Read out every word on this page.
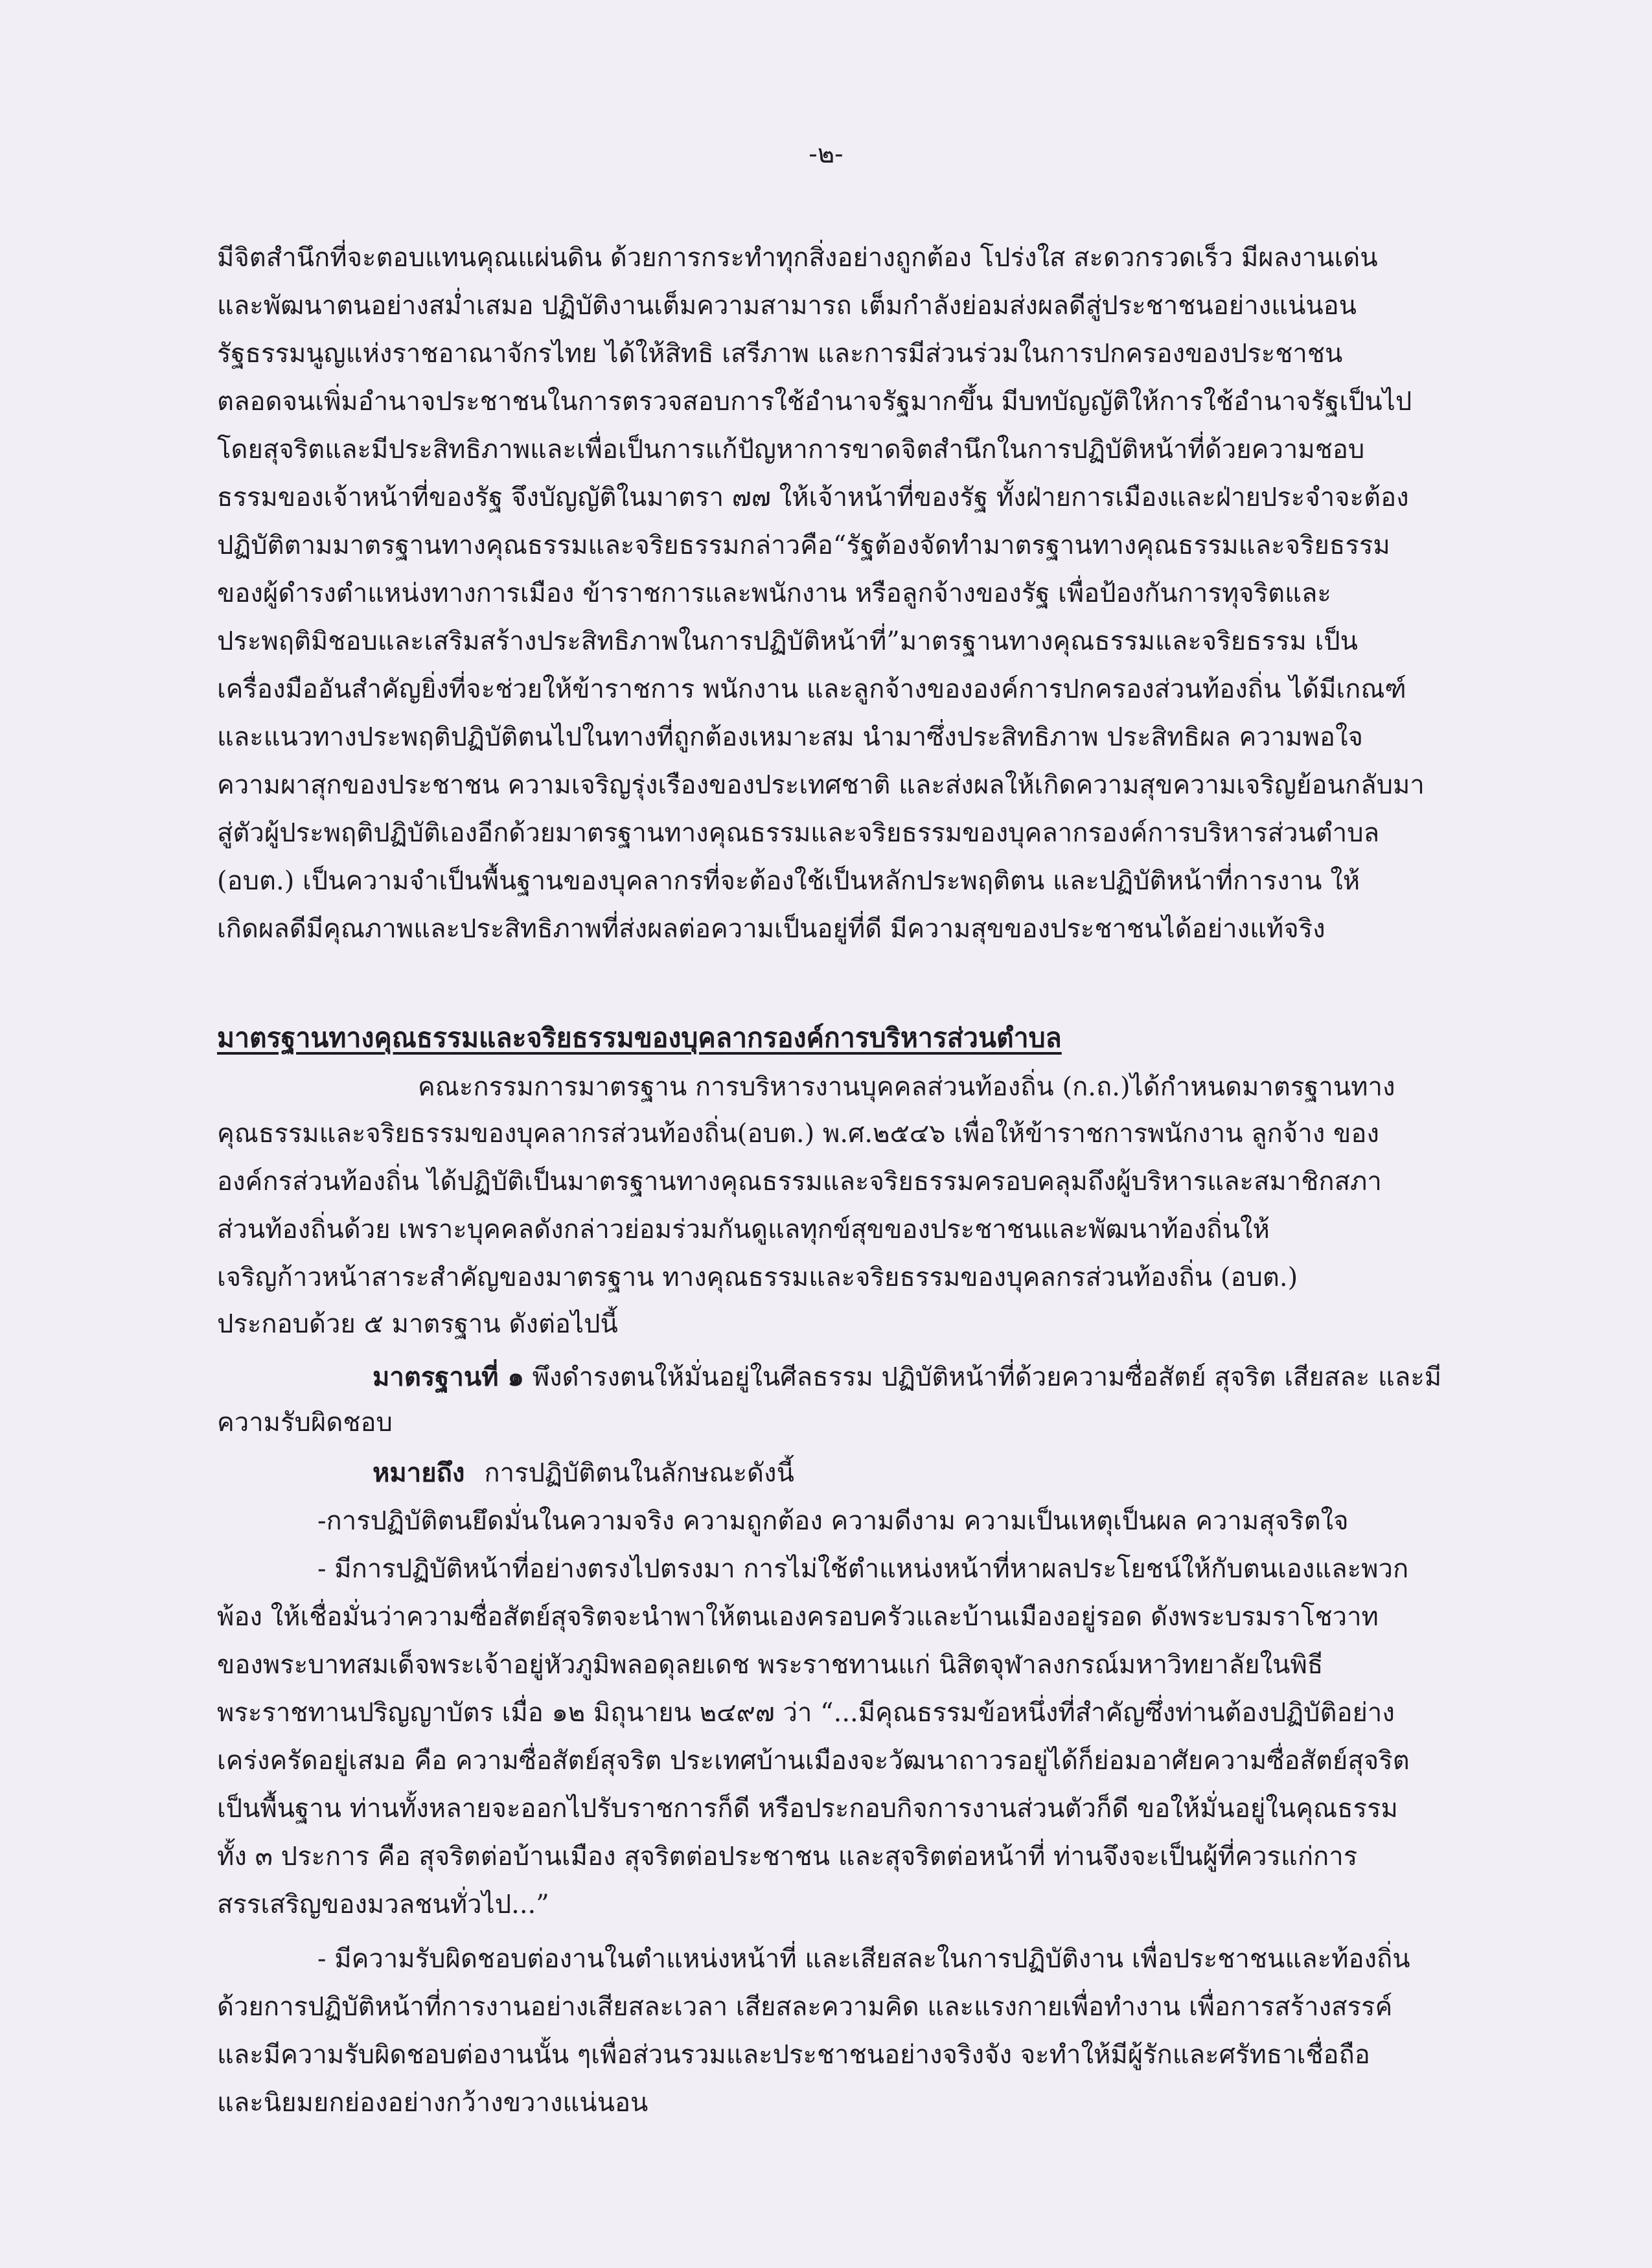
-๒-
มีจิตสำนึกที่จะตอบแทนคุณแผ่นดิน ด้วยการกระทำทุกสิ่งอย่างถูกต้อง โปร่งใส สะดวกรวดเร็ว มีผลงานเด่น
และพัฒนาตนอย่างสม่ำเสมอ ปฏิบัติงานเต็มความสามารถ เต็มกำลังย่อมส่งผลดีสู่ประชาชนอย่างแน่นอน
รัฐธรรมนูญแห่งราชอาณาจักรไทย ได้ให้สิทธิ เสรีภาพ และการมีส่วนร่วมในการปกครองของประชาชน
ตลอดจนเพิ่มอำนาจประชาชนในการตรวจสอบการใช้อำนาจรัฐมากขึ้น มีบทบัญญัติให้การใช้อำนาจรัฐเป็นไป
โดยสุจริตและมีประสิทธิภาพและเพื่อเป็นการแก้ปัญหาการขาดจิตสำนึกในการปฏิบัติหน้าที่ด้วยความชอบ
ธรรมของเจ้าหน้าที่ของรัฐ จึงบัญญัติในมาตรา ๗๗ ให้เจ้าหน้าที่ของรัฐ ทั้งฝ่ายการเมืองและฝ่ายประจำจะต้อง
ปฏิบัติตามมาตรฐานทางคุณธรรมและจริยธรรมกล่าวคือ“รัฐต้องจัดทำมาตรฐานทางคุณธรรมและจริยธรรม
ของผู้ดำรงตำแหน่งทางการเมือง ข้าราชการและพนักงาน หรือลูกจ้างของรัฐ เพื่อป้องกันการทุจริตและ
ประพฤติมิชอบและเสริมสร้างประสิทธิภาพในการปฏิบัติหน้าที่”มาตรฐานทางคุณธรรมและจริยธรรม เป็น
เครื่องมืออันสำคัญยิ่งที่จะช่วยให้ข้าราชการ พนักงาน และลูกจ้างขององค์การปกครองส่วนท้องถิ่น ได้มีเกณฑ์
และแนวทางประพฤติปฏิบัติตนไปในทางที่ถูกต้องเหมาะสม นำมาซึ่งประสิทธิภาพ ประสิทธิผล ความพอใจ
ความผาสุกของประชาชน ความเจริญรุ่งเรืองของประเทศชาติ และส่งผลให้เกิดความสุขความเจริญย้อนกลับมา
สู่ตัวผู้ประพฤติปฏิบัติเองอีกด้วยมาตรฐานทางคุณธรรมและจริยธรรมของบุคลากรองค์การบริหารส่วนตำบล
(อบต.) เป็นความจำเป็นพื้นฐานของบุคลากรที่จะต้องใช้เป็นหลักประพฤติตน และปฏิบัติหน้าที่การงาน ให้
เกิดผลดีมีคุณภาพและประสิทธิภาพที่ส่งผลต่อความเป็นอยู่ที่ดี มีความสุขของประชาชนได้อย่างแท้จริง
มาตรฐานทางคุณธรรมและจริยธรรมของบุคลากรองค์การบริหารส่วนตำบล
คณะกรรมการมาตรฐาน การบริหารงานบุคคลส่วนท้องถิ่น (ก.ถ.)ได้กำหนดมาตรฐานทาง
คุณธรรมและจริยธรรมของบุคลากรส่วนท้องถิ่น(อบต.) พ.ศ.๒๕๔๖ เพื่อให้ข้าราชการพนักงาน ลูกจ้าง ของ
องค์กรส่วนท้องถิ่น ได้ปฏิบัติเป็นมาตรฐานทางคุณธรรมและจริยธรรมครอบคลุมถึงผู้บริหารและสมาชิกสภา
ส่วนท้องถิ่นด้วย เพราะบุคคลดังกล่าวย่อมร่วมกันดูแลทุกข์สุขของประชาชนและพัฒนาท้องถิ่นให้
เจริญก้าวหน้าสาระสำคัญของมาตรฐาน ทางคุณธรรมและจริยธรรมของบุคลกรส่วนท้องถิ่น (อบต.)
ประกอบด้วย ๕ มาตรฐาน ดังต่อไปนี้
มาตรฐานที่ ๑ พึงดำรงตนให้มั่นอยู่ในศีลธรรม ปฏิบัติหน้าที่ด้วยความซื่อสัตย์ สุจริต เสียสละ และมี
ความรับผิดชอบ
หมายถึง การปฏิบัติตนในลักษณะดังนี้
-การปฏิบัติตนยึดมั่นในความจริง ความถูกต้อง ความดีงาม ความเป็นเหตุเป็นผล ความสุจริตใจ
- มีการปฏิบัติหน้าที่อย่างตรงไปตรงมา การไม่ใช้ตำแหน่งหน้าที่หาผลประโยชน์ให้กับตนเองและพวก
พ้อง ให้เชื่อมั่นว่าความซื่อสัตย์สุจริตจะนำพาให้ตนเองครอบครัวและบ้านเมืองอยู่รอด ดังพระบรมราโชวาท
ของพระบาทสมเด็จพระเจ้าอยู่หัวภูมิพลอดุลยเดช พระราชทานแก่ นิสิตจุฬาลงกรณ์มหาวิทยาลัยในพิธี
พระราชทานปริญญาบัตร เมื่อ ๑๒ มิถุนายน ๒๔๙๗ ว่า “...มีคุณธรรมข้อหนึ่งที่สำคัญซึ่งท่านต้องปฏิบัติอย่าง
เคร่งครัดอยู่เสมอ คือ ความซื่อสัตย์สุจริต ประเทศบ้านเมืองจะวัฒนาถาวรอยู่ได้ก็ย่อมอาศัยความซื่อสัตย์สุจริต
เป็นพื้นฐาน ท่านทั้งหลายจะออกไปรับราชการก็ดี หรือประกอบกิจการงานส่วนตัวก็ดี ขอให้มั่นอยู่ในคุณธรรม
ทั้ง ๓ ประการ คือ สุจริตต่อบ้านเมือง สุจริตต่อประชาชน และสุจริตต่อหน้าที่ ท่านจึงจะเป็นผู้ที่ควรแก่การ
สรรเสริญของมวลชนทั่วไป...”
- มีความรับผิดชอบต่องานในตำแหน่งหน้าที่ และเสียสละในการปฏิบัติงาน เพื่อประชาชนและท้องถิ่น
ด้วยการปฏิบัติหน้าที่การงานอย่างเสียสละเวลา เสียสละความคิด และแรงกายเพื่อทำงาน เพื่อการสร้างสรรค์
และมีความรับผิดชอบต่องานนั้น ๆเพื่อส่วนรวมและประชาชนอย่างจริงจัง จะทำให้มีผู้รักและศรัทธาเชื่อถือ
และนิยมยกย่องอย่างกว้างขวางแน่นอน
